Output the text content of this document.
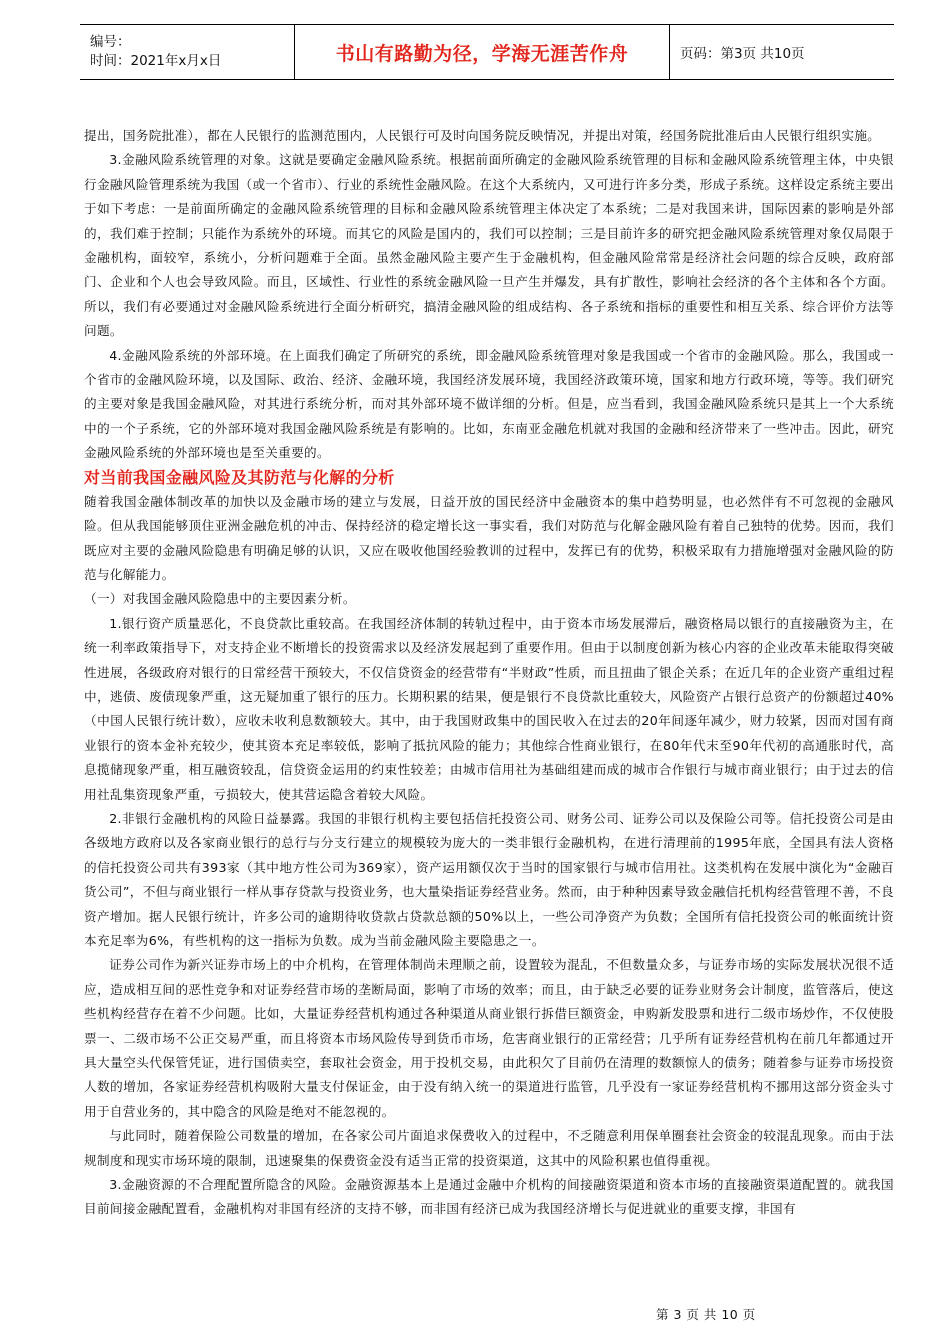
编号：
时间：2021年x月x日	书山有路勤为径，学海无涯苦作舟	页码：第3页 共10页

提出，国务院批准），都在人民银行的监测范围内，人民银行可及时向国务院反映情况，并提出对策，经国务院批准后由人民银行组织实施。

3.金融风险系统管理的对象。这就是要确定金融风险系统。根据前面所确定的金融风险系统管理的目标和金融风险系统管理主体，中央银行金融风险管理系统为我国（或一个省市）、行业的系统性金融风险。在这个大系统内，又可进行许多分类，形成子系统。这样设定系统主要出于如下考虑：一是前面所确定的金融风险系统管理的目标和金融风险系统管理主体决定了本系统；二是对我国来讲，国际因素的影响是外部的，我们难于控制；只能作为系统外的环境。而其它的风险是国内的，我们可以控制；三是目前许多的研究把金融风险系统管理对象仅局限于金融机构，面较窄，系统小，分析问题难于全面。虽然金融风险主要产生于金融机构，但金融风险常常是经济社会问题的综合反映，政府部门、企业和个人也会导致风险。而且，区域性、行业性的系统金融风险一旦产生并爆发，具有扩散性，影响社会经济的各个主体和各个方面。所以，我们有必要通过对金融风险系统进行全面分析研究，搞清金融风险的组成结构、各子系统和指标的重要性和相互关系、综合评价方法等问题。

4.金融风险系统的外部环境。在上面我们确定了所研究的系统，即金融风险系统管理对象是我国或一个省市的金融风险。那么，我国或一个省市的金融风险环境，以及国际、政治、经济、金融环境，我国经济发展环境，我国经济政策环境，国家和地方行政环境，等等。我们研究的主要对象是我国金融风险，对其进行系统分析，而对其外部环境不做详细的分析。但是，应当看到，我国金融风险系统只是其上一个大系统中的一个子系统，它的外部环境对我国金融风险系统是有影响的。比如，东南亚金融危机就对我国的金融和经济带来了一些冲击。因此，研究金融风险系统的外部环境也是至关重要的。

对当前我国金融风险及其防范与化解的分析

随着我国金融体制改革的加快以及金融市场的建立与发展，日益开放的国民经济中金融资本的集中趋势明显，也必然伴有不可忽视的金融风险。但从我国能够顶住亚洲金融危机的冲击、保持经济的稳定增长这一事实看，我们对防范与化解金融风险有着自己独特的优势。因而，我们既应对主要的金融风险隐患有明确足够的认识，又应在吸收他国经验教训的过程中，发挥已有的优势，积极采取有力措施增强对金融风险的防范与化解能力。

（一）对我国金融风险隐患中的主要因素分析。

1.银行资产质量恶化，不良贷款比重较高。在我国经济体制的转轨过程中，由于资本市场发展滞后，融资格局以银行的直接融资为主，在统一利率政策指导下，对支持企业不断增长的投资需求以及经济发展起到了重要作用。但由于以制度创新为核心内容的企业改革未能取得突破性进展，各级政府对银行的日常经营干预较大，不仅信贷资金的经营带有“半财政”性质，而且扭曲了银企关系；在近几年的企业资产重组过程中，逃债、废债现象严重，这无疑加重了银行的压力。长期积累的结果，便是银行不良贷款比重较大，风险资产占银行总资产的份额超过40%（中国人民银行统计数），应收未收利息数额较大。其中，由于我国财政集中的国民收入在过去的20年间逐年减少，财力较紧，因而对国有商业银行的资本金补充较少，使其资本充足率较低，影响了抵抗风险的能力；其他综合性商业银行，在80年代末至90年代初的高通胀时代，高息揽储现象严重，相互融资较乱，信贷资金运用的约束性较差；由城市信用社为基础组建而成的城市合作银行与城市商业银行；由于过去的信用社乱集资现象严重，亏损较大，使其营运隐含着较大风险。

2.非银行金融机构的风险日益暴露。我国的非银行机构主要包括信托投资公司、财务公司、证券公司以及保险公司等。信托投资公司是由各级地方政府以及各家商业银行的总行与分支行建立的规模较为庞大的一类非银行金融机构，在进行清理前的1995年底，全国具有法人资格的信托投资公司共有393家（其中地方性公司为369家），资产运用额仅次于当时的国家银行与城市信用社。这类机构在发展中演化为“金融百货公司”，不但与商业银行一样从事存贷款与投资业务，也大量染指证券经营业务。然而，由于种种因素导致金融信托机构经营管理不善，不良资产增加。据人民银行统计，许多公司的逾期待收贷款占贷款总额的50%以上，一些公司净资产为负数；全国所有信托投资公司的帐面统计资本充足率为6%，有些机构的这一指标为负数。成为当前金融风险主要隐患之一。

证券公司作为新兴证券市场上的中介机构，在管理体制尚未理顺之前，设置较为混乱，不但数量众多，与证券市场的实际发展状况很不适应，造成相互间的恶性竞争和对证券经营市场的垄断局面，影响了市场的效率；而且，由于缺乏必要的证券业财务会计制度，监管落后，使这些机构经营存在着不少问题。比如，大量证券经营机构通过各种渠道从商业银行拆借巨额资金，申购新发股票和进行二级市场炒作，不仅使股票一、二级市场不公正交易严重，而且将资本市场风险传导到货币市场，危害商业银行的正常经营；几乎所有证券经营机构在前几年都通过开具大量空头代保管凭证，进行国债卖空，套取社会资金，用于投机交易，由此积欠了目前仍在清理的数额惊人的债务；随着参与证券市场投资人数的增加，各家证券经营机构吸附大量支付保证金，由于没有纳入统一的渠道进行监管，几乎没有一家证券经营机构不挪用这部分资金头寸用于自营业务的，其中隐含的风险是绝对不能忽视的。

与此同时，随着保险公司数量的增加，在各家公司片面追求保费收入的过程中，不乏随意利用保单圈套社会资金的较混乱现象。而由于法规制度和现实市场环境的限制，迅速聚集的保费资金没有适当正常的投资渠道，这其中的风险积累也值得重视。

3.金融资源的不合理配置所隐含的风险。金融资源基本上是通过金融中介机构的间接融资渠道和资本市场的直接融资渠道配置的。就我国目前间接金融配置看，金融机构对非国有经济的支持不够，而非国有经济已成为我国经济增长与促进就业的重要支撑，非国有

第 3 页 共 10 页
